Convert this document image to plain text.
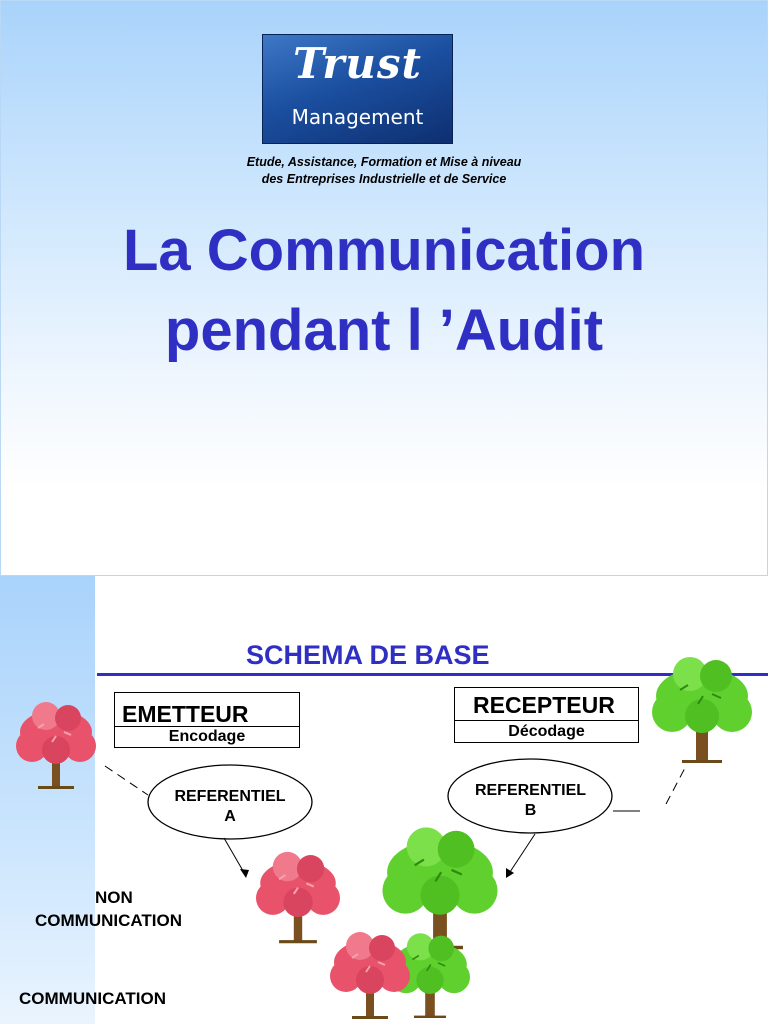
Trust
Management
Etude, Assistance, Formation et Mise à niveau
des Entreprises Industrielle et de Service
La Communication
pendant l ’Audit
SCHEMA DE BASE
EMETTEUR
Encodage
RECEPTEUR
Décodage
REFERENTIEL
A
REFERENTIEL
B
NON
COMMUNICATION
COMMUNICATION
